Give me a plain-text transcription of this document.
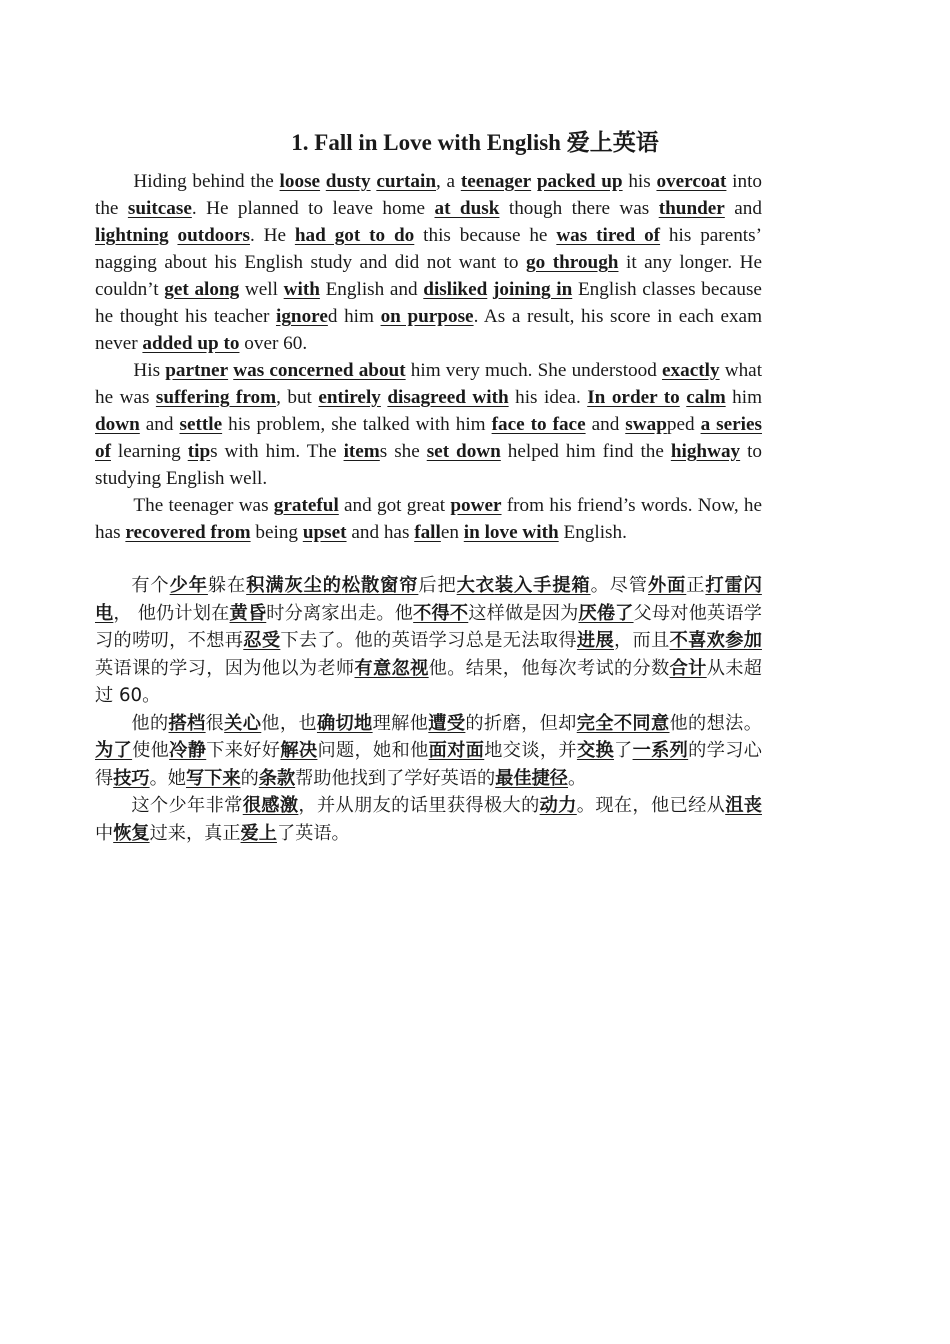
1. Fall in Love with English 爱上英语

Hiding behind the loose dusty curtain, a teenager packed up his overcoat into the suitcase. He planned to leave home at dusk though there was thunder and lightning outdoors. He had got to do this because he was tired of his parents’ nagging about his English study and did not want to go through it any longer. He couldn’t get along well with English and disliked joining in English classes because he thought his teacher ignored him on purpose. As a result, his score in each exam never added up to over 60.

His partner was concerned about him very much. She understood exactly what he was suffering from, but entirely disagreed with his idea. In order to calm him down and settle his problem, she talked with him face to face and swapped a series of learning tips with him. The items she set down helped him find the highway to studying English well.

The teenager was grateful and got great power from his friend’s words. Now, he has recovered from being upset and has fallen in love with English.

有个少年躲在积满灰尘的松散窗帘后把大衣装入手提箱。尽管外面正打雷闪电， 他仍计划在黄昏时分离家出走。他不得不这样做是因为厌倦了父母对他英语学习的唠叨，不想再忍受下去了。他的英语学习总是无法取得进展，而且不喜欢参加英语课的学习，因为他以为老师有意忽视他。结果，他每次考试的分数合计从未超过 60。

他的搭档很关心他，也确切地理解他遭受的折磨，但却完全不同意他的想法。为了使他冷静下来好好解决问题，她和他面对面地交谈，并交换了一系列的学习心得技巧。她写下来的条款帮助他找到了学好英语的最佳捷径。

这个少年非常很感激，并从朋友的话里获得极大的动力。现在，他已经从沮丧中恢复过来，真正爱上了英语。
